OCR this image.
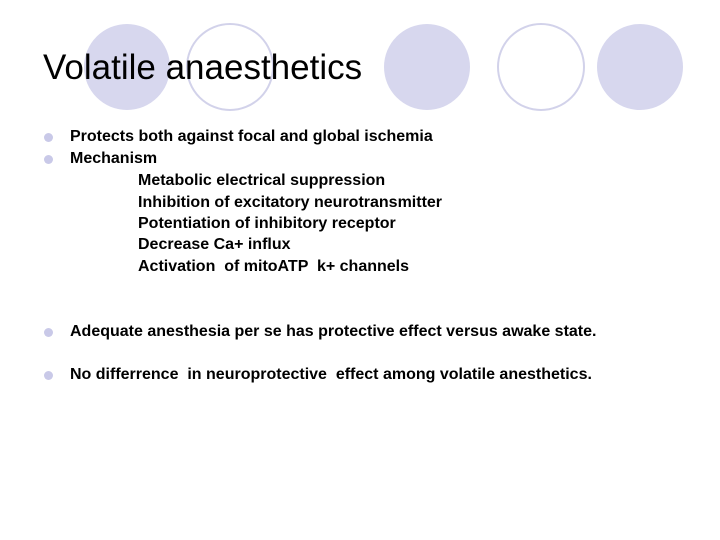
Volatile anaesthetics
Protects both against focal and global ischemia
Mechanism
Metabolic electrical suppression
Inhibition of excitatory neurotransmitter
Potentiation of inhibitory receptor
Decrease Ca+ influx
Activation  of mitoATP  k+ channels
Adequate anesthesia per se has protective effect versus awake state.
No differrence  in neuroprotective  effect among volatile anesthetics.
